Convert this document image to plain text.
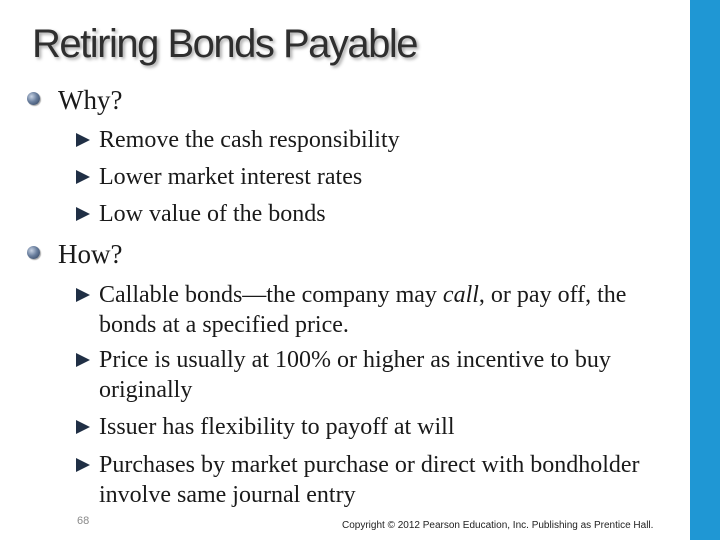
Retiring Bonds Payable
Why?
Remove the cash responsibility
Lower market interest rates
Low value of the bonds
How?
Callable bonds—the company may call, or pay off, the bonds at a specified price.
Price is usually at 100% or higher as incentive to buy originally
Issuer has flexibility to payoff at will
Purchases by market purchase or direct with bondholder involve same journal entry
68	Copyright © 2012 Pearson Education, Inc. Publishing as Prentice Hall.
